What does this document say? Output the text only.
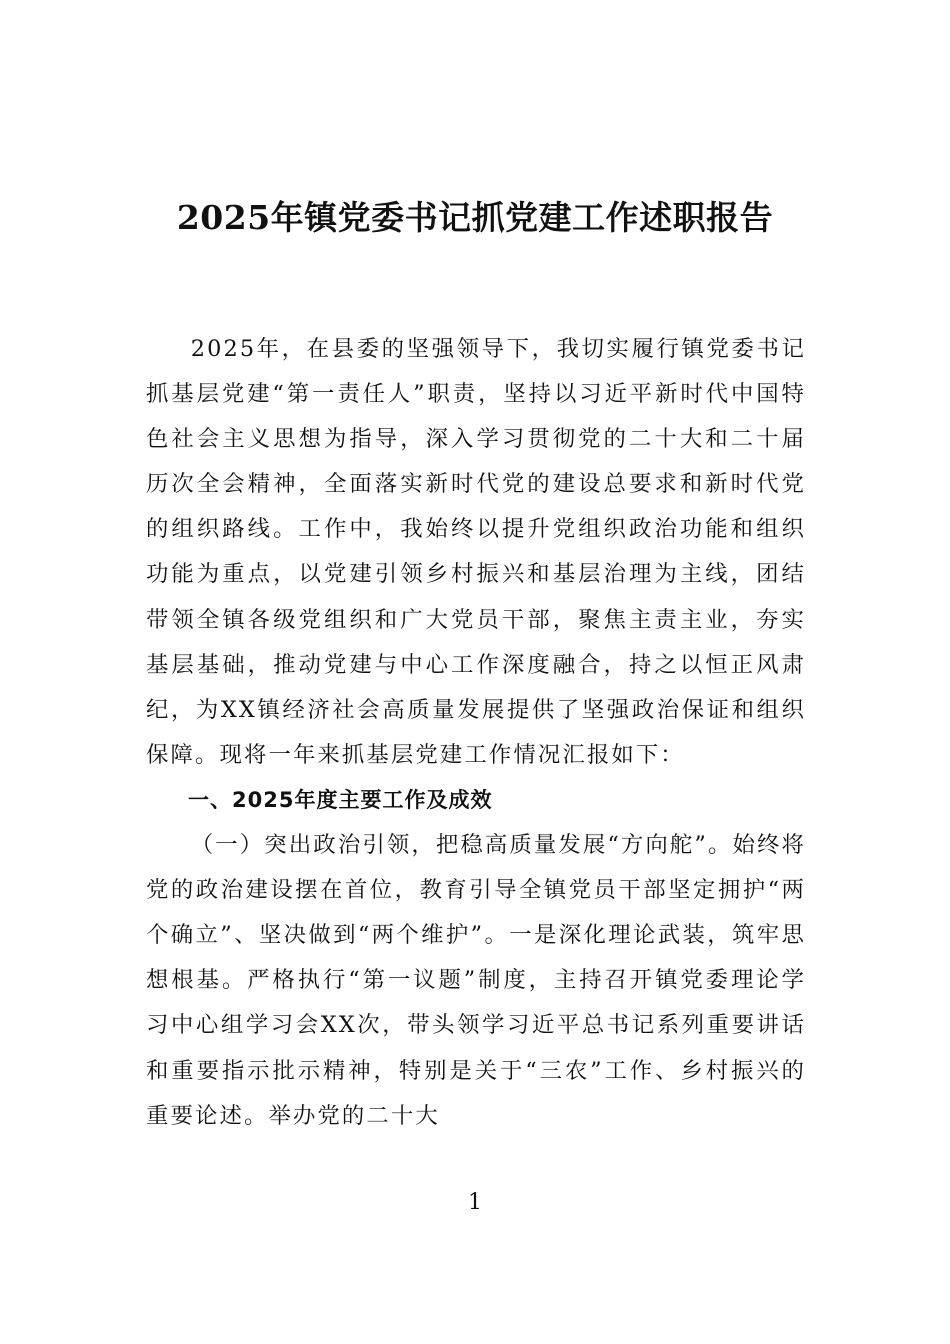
2025年镇党委书记抓党建工作述职报告

2025年，在县委的坚强领导下，我切实履行镇党委书记抓基层党建“第一责任人”职责，坚持以习近平新时代中国特色社会主义思想为指导，深入学习贯彻党的二十大和二十届历次全会精神，全面落实新时代党的建设总要求和新时代党的组织路线。工作中，我始终以提升党组织政治功能和组织功能为重点，以党建引领乡村振兴和基层治理为主线，团结带领全镇各级党组织和广大党员干部，聚焦主责主业，夯实基层基础，推动党建与中心工作深度融合，持之以恒正风肃纪，为XX镇经济社会高质量发展提供了坚强政治保证和组织保障。现将一年来抓基层党建工作情况汇报如下：

一、2025年度主要工作及成效

（一）突出政治引领，把稳高质量发展“方向舵”。始终将党的政治建设摆在首位，教育引导全镇党员干部坚定拥护“两个确立”、坚决做到“两个维护”。一是深化理论武装，筑牢思想根基。严格执行“第一议题”制度，主持召开镇党委理论学习中心组学习会XX次，带头领学习近平总书记系列重要讲话和重要指示批示精神，特别是关于“三农”工作、乡村振兴的重要论述。举办党的二十大

1
